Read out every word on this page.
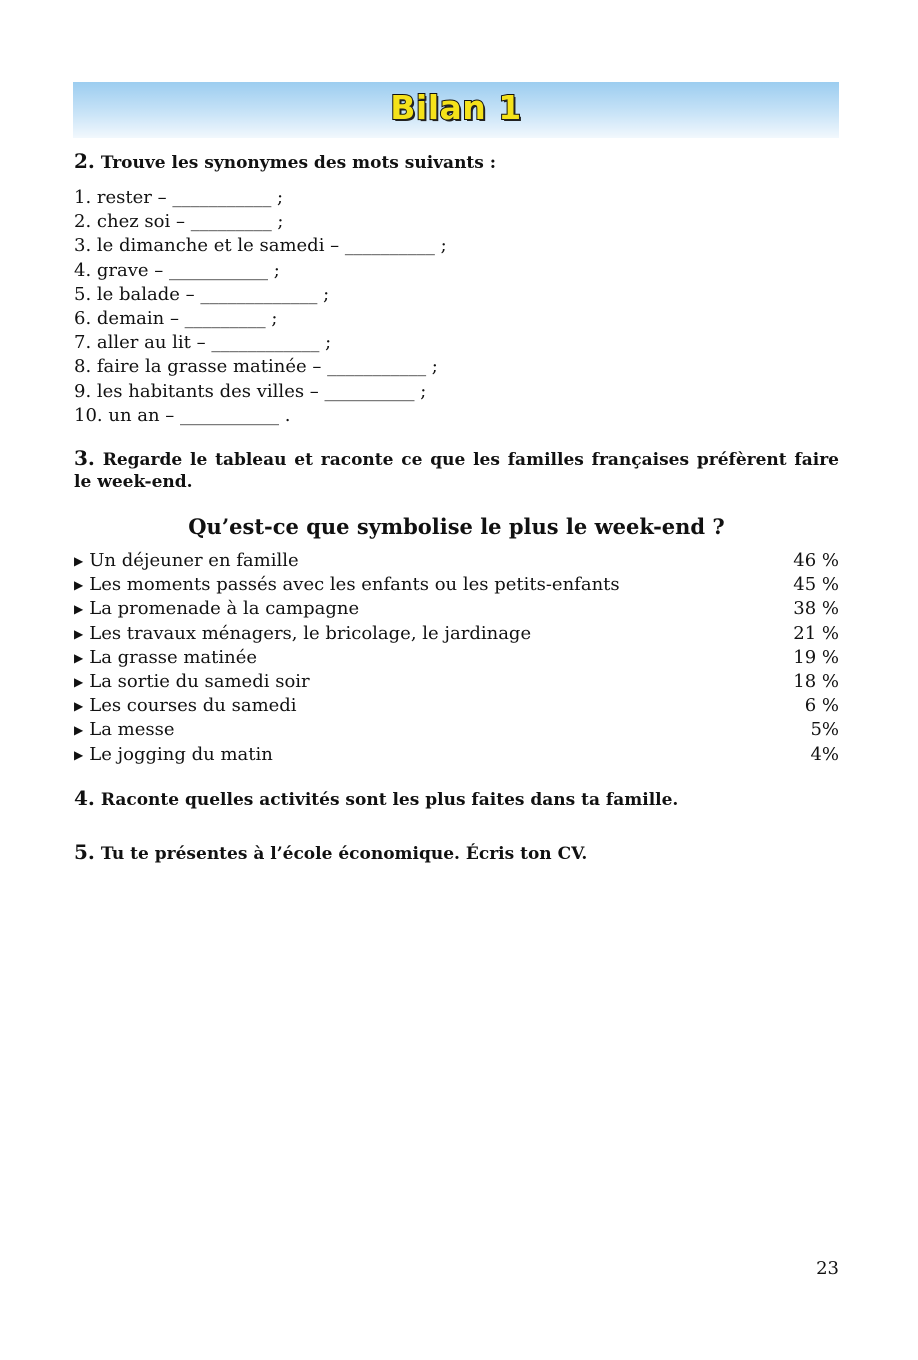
Bilan 1
2. Trouve les synonymes des mots suivants :
1. rester – ___________ ;
2. chez soi – _________ ;
3. le dimanche et le samedi – __________ ;
4. grave – ___________ ;
5. le balade – _____________ ;
6. demain – _________ ;
7. aller au lit – ____________ ;
8. faire la grasse matinée – ___________ ;
9. les habitants des villes – __________ ;
10. un an – ___________ .
3. Regarde le tableau et raconte ce que les familles françaises préfèrent faire le week-end.
Qu’est-ce que symbolise le plus le week-end ?
▶ Un déjeuner en famille	46 %
▶ Les moments passés avec les enfants ou les petits-enfants	45 %
▶ La promenade à la campagne	38 %
▶ Les travaux ménagers, le bricolage, le jardinage	21 %
▶ La grasse matinée	19 %
▶ La sortie du samedi soir	18 %
▶ Les courses du samedi	6 %
▶ La messe	5%
▶ Le jogging du matin	4%
4. Raconte quelles activités sont les plus faites dans ta famille.
5. Tu te présentes à l’école économique. Écris ton CV.
23
